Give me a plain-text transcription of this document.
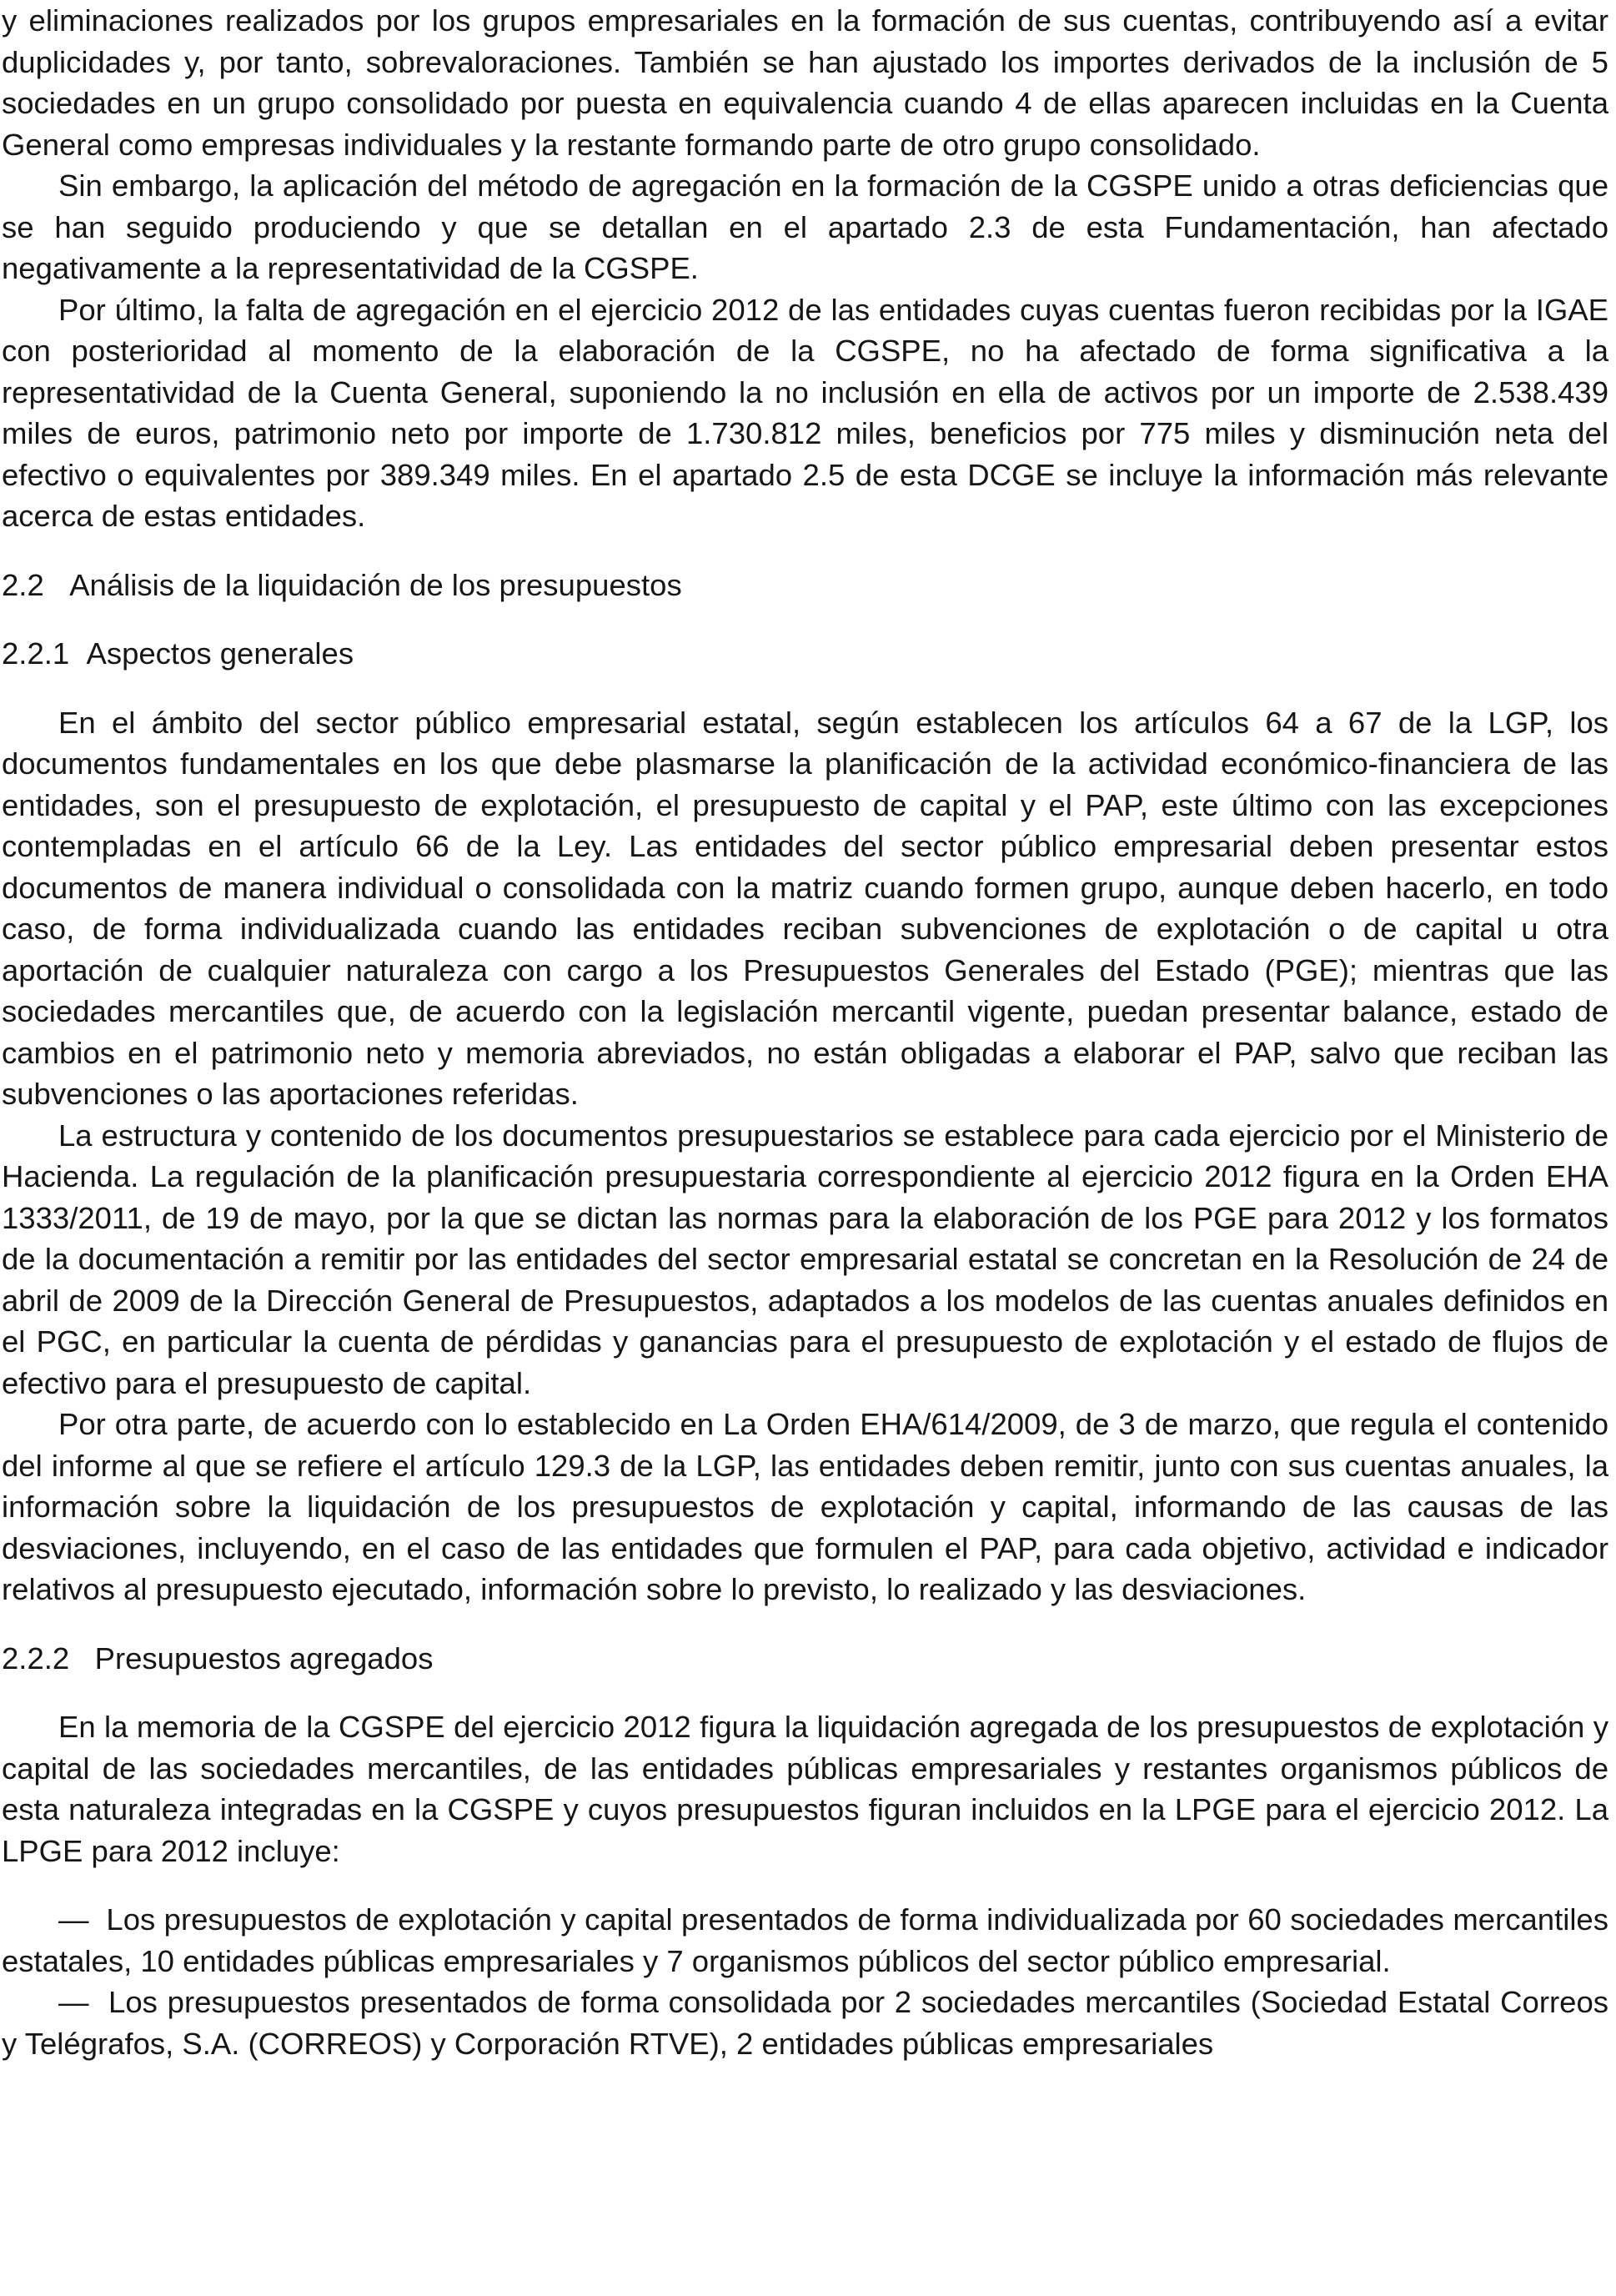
y eliminaciones realizados por los grupos empresariales en la formación de sus cuentas, contribuyendo así a evitar duplicidades y, por tanto, sobrevaloraciones. También se han ajustado los importes derivados de la inclusión de 5 sociedades en un grupo consolidado por puesta en equivalencia cuando 4 de ellas aparecen incluidas en la Cuenta General como empresas individuales y la restante formando parte de otro grupo consolidado.

Sin embargo, la aplicación del método de agregación en la formación de la CGSPE unido a otras deficiencias que se han seguido produciendo y que se detallan en el apartado 2.3 de esta Fundamentación, han afectado negativamente a la representatividad de la CGSPE.

Por último, la falta de agregación en el ejercicio 2012 de las entidades cuyas cuentas fueron recibidas por la IGAE con posterioridad al momento de la elaboración de la CGSPE, no ha afectado de forma significativa a la representatividad de la Cuenta General, suponiendo la no inclusión en ella de activos por un importe de 2.538.439 miles de euros, patrimonio neto por importe de 1.730.812 miles, beneficios por 775 miles y disminución neta del efectivo o equivalentes por 389.349 miles. En el apartado 2.5 de esta DCGE se incluye la información más relevante acerca de estas entidades.

2.2 Análisis de la liquidación de los presupuestos
2.2.1 Aspectos generales

En el ámbito del sector público empresarial estatal, según establecen los artículos 64 a 67 de la LGP, los documentos fundamentales en los que debe plasmarse la planificación de la actividad económico-financiera de las entidades, son el presupuesto de explotación, el presupuesto de capital y el PAP, este último con las excepciones contempladas en el artículo 66 de la Ley. Las entidades del sector público empresarial deben presentar estos documentos de manera individual o consolidada con la matriz cuando formen grupo, aunque deben hacerlo, en todo caso, de forma individualizada cuando las entidades reciban subvenciones de explotación o de capital u otra aportación de cualquier naturaleza con cargo a los Presupuestos Generales del Estado (PGE); mientras que las sociedades mercantiles que, de acuerdo con la legislación mercantil vigente, puedan presentar balance, estado de cambios en el patrimonio neto y memoria abreviados, no están obligadas a elaborar el PAP, salvo que reciban las subvenciones o las aportaciones referidas.

La estructura y contenido de los documentos presupuestarios se establece para cada ejercicio por el Ministerio de Hacienda. La regulación de la planificación presupuestaria correspondiente al ejercicio 2012 figura en la Orden EHA 1333/2011, de 19 de mayo, por la que se dictan las normas para la elaboración de los PGE para 2012 y los formatos de la documentación a remitir por las entidades del sector empresarial estatal se concretan en la Resolución de 24 de abril de 2009 de la Dirección General de Presupuestos, adaptados a los modelos de las cuentas anuales definidos en el PGC, en particular la cuenta de pérdidas y ganancias para el presupuesto de explotación y el estado de flujos de efectivo para el presupuesto de capital.

Por otra parte, de acuerdo con lo establecido en La Orden EHA/614/2009, de 3 de marzo, que regula el contenido del informe al que se refiere el artículo 129.3 de la LGP, las entidades deben remitir, junto con sus cuentas anuales, la información sobre la liquidación de los presupuestos de explotación y capital, informando de las causas de las desviaciones, incluyendo, en el caso de las entidades que formulen el PAP, para cada objetivo, actividad e indicador relativos al presupuesto ejecutado, información sobre lo previsto, lo realizado y las desviaciones.

2.2.2 Presupuestos agregados

En la memoria de la CGSPE del ejercicio 2012 figura la liquidación agregada de los presupuestos de explotación y capital de las sociedades mercantiles, de las entidades públicas empresariales y restantes organismos públicos de esta naturaleza integradas en la CGSPE y cuyos presupuestos figuran incluidos en la LPGE para el ejercicio 2012. La LPGE para 2012 incluye:

— Los presupuestos de explotación y capital presentados de forma individualizada por 60 sociedades mercantiles estatales, 10 entidades públicas empresariales y 7 organismos públicos del sector público empresarial.

— Los presupuestos presentados de forma consolidada por 2 sociedades mercantiles (Sociedad Estatal Correos y Telégrafos, S.A. (CORREOS) y Corporación RTVE), 2 entidades públicas empresariales
